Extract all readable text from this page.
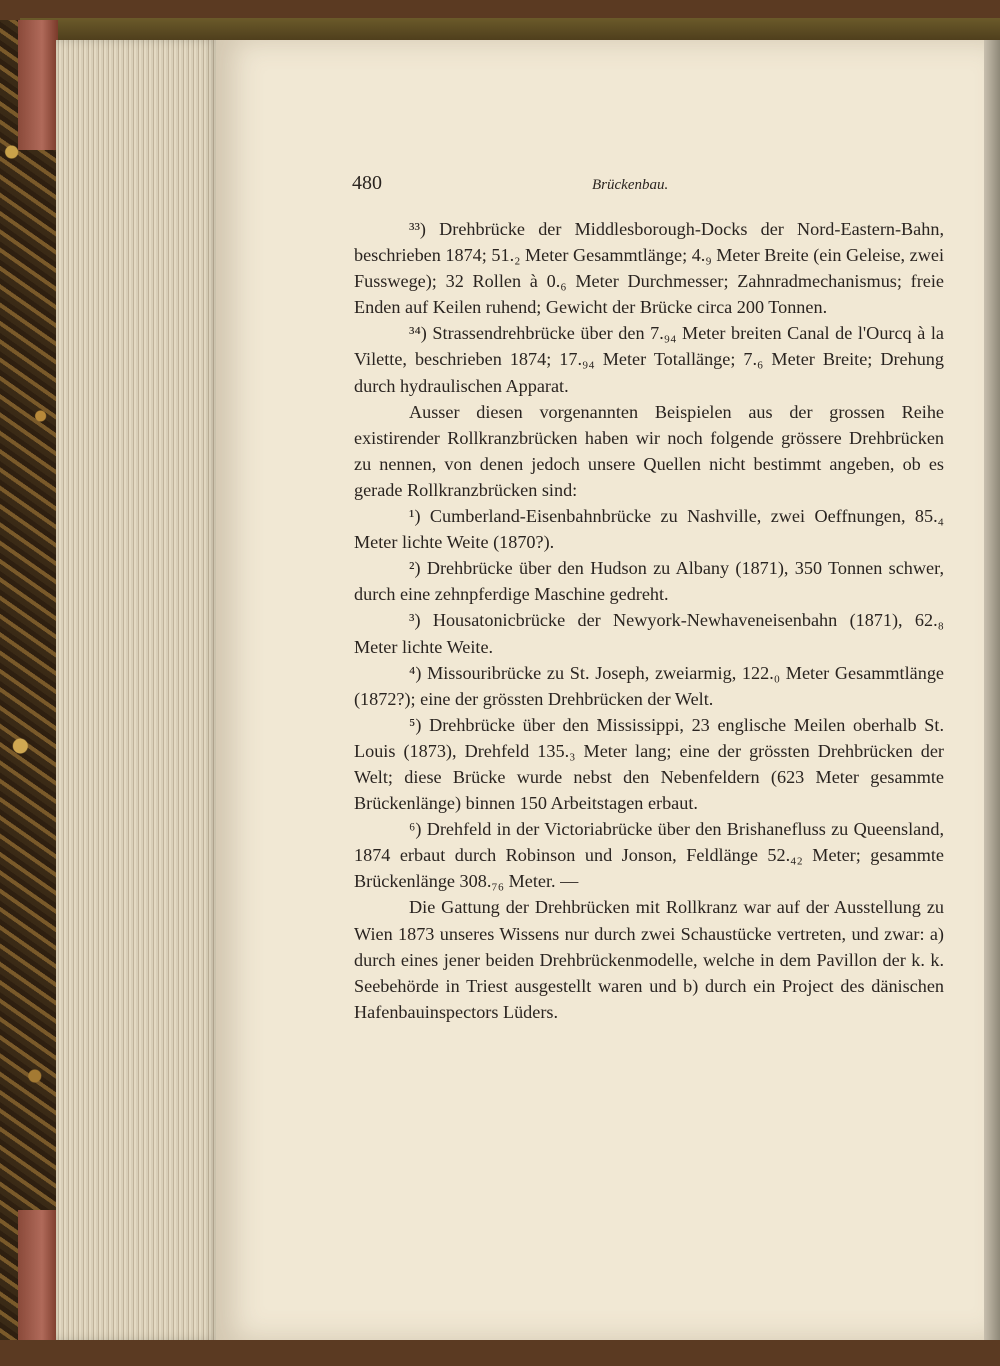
480	Brückenbau.

³³) Drehbrücke der Middlesborough-Docks der Nord-Eastern-Bahn, beschrieben 1874; 51.₂ Meter Gesammtlänge; 4.₉ Meter Breite (ein Geleise, zwei Fusswege); 32 Rollen à 0.₆ Meter Durchmesser; Zahnradmechanismus; freie Enden auf Keilen ruhend; Gewicht der Brücke circa 200 Tonnen.

³⁴) Strassendrehbrücke über den 7.₉₄ Meter breiten Canal de l'Ourcq à la Vilette, beschrieben 1874; 17.₉₄ Meter Totallänge; 7.₆ Meter Breite; Drehung durch hydraulischen Apparat.

Ausser diesen vorgenannten Beispielen aus der grossen Reihe existirender Rollkranzbrücken haben wir noch folgende grössere Drehbrücken zu nennen, von denen jedoch unsere Quellen nicht bestimmt angeben, ob es gerade Rollkranzbrücken sind:

¹) Cumberland-Eisenbahnbrücke zu Nashville, zwei Oeffnungen, 85.₄ Meter lichte Weite (1870?).

²) Drehbrücke über den Hudson zu Albany (1871), 350 Tonnen schwer, durch eine zehnpferdige Maschine gedreht.

³) Housatonicbrücke der Newyork-Newhaveneisenbahn (1871), 62.₈ Meter lichte Weite.

⁴) Missouribrücke zu St. Joseph, zweiarmig, 122.₀ Meter Gesammtlänge (1872?); eine der grössten Drehbrücken der Welt.

⁵) Drehbrücke über den Mississippi, 23 englische Meilen oberhalb St. Louis (1873), Drehfeld 135.₃ Meter lang; eine der grössten Drehbrücken der Welt; diese Brücke wurde nebst den Nebenfeldern (623 Meter gesammte Brückenlänge) binnen 150 Arbeitstagen erbaut.

⁶) Drehfeld in der Victoriabrücke über den Brishanefluss zu Queensland, 1874 erbaut durch Robinson und Jonson, Feldlänge 52.₄₂ Meter; gesammte Brückenlänge 308.₇₆ Meter. —

Die Gattung der Drehbrücken mit Rollkranz war auf der Ausstellung zu Wien 1873 unseres Wissens nur durch zwei Schaustücke vertreten, und zwar: a) durch eines jener beiden Drehbrückenmodelle, welche in dem Pavillon der k. k. Seebehörde in Triest ausgestellt waren und b) durch ein Project des dänischen Hafenbauinspectors Lüders.
